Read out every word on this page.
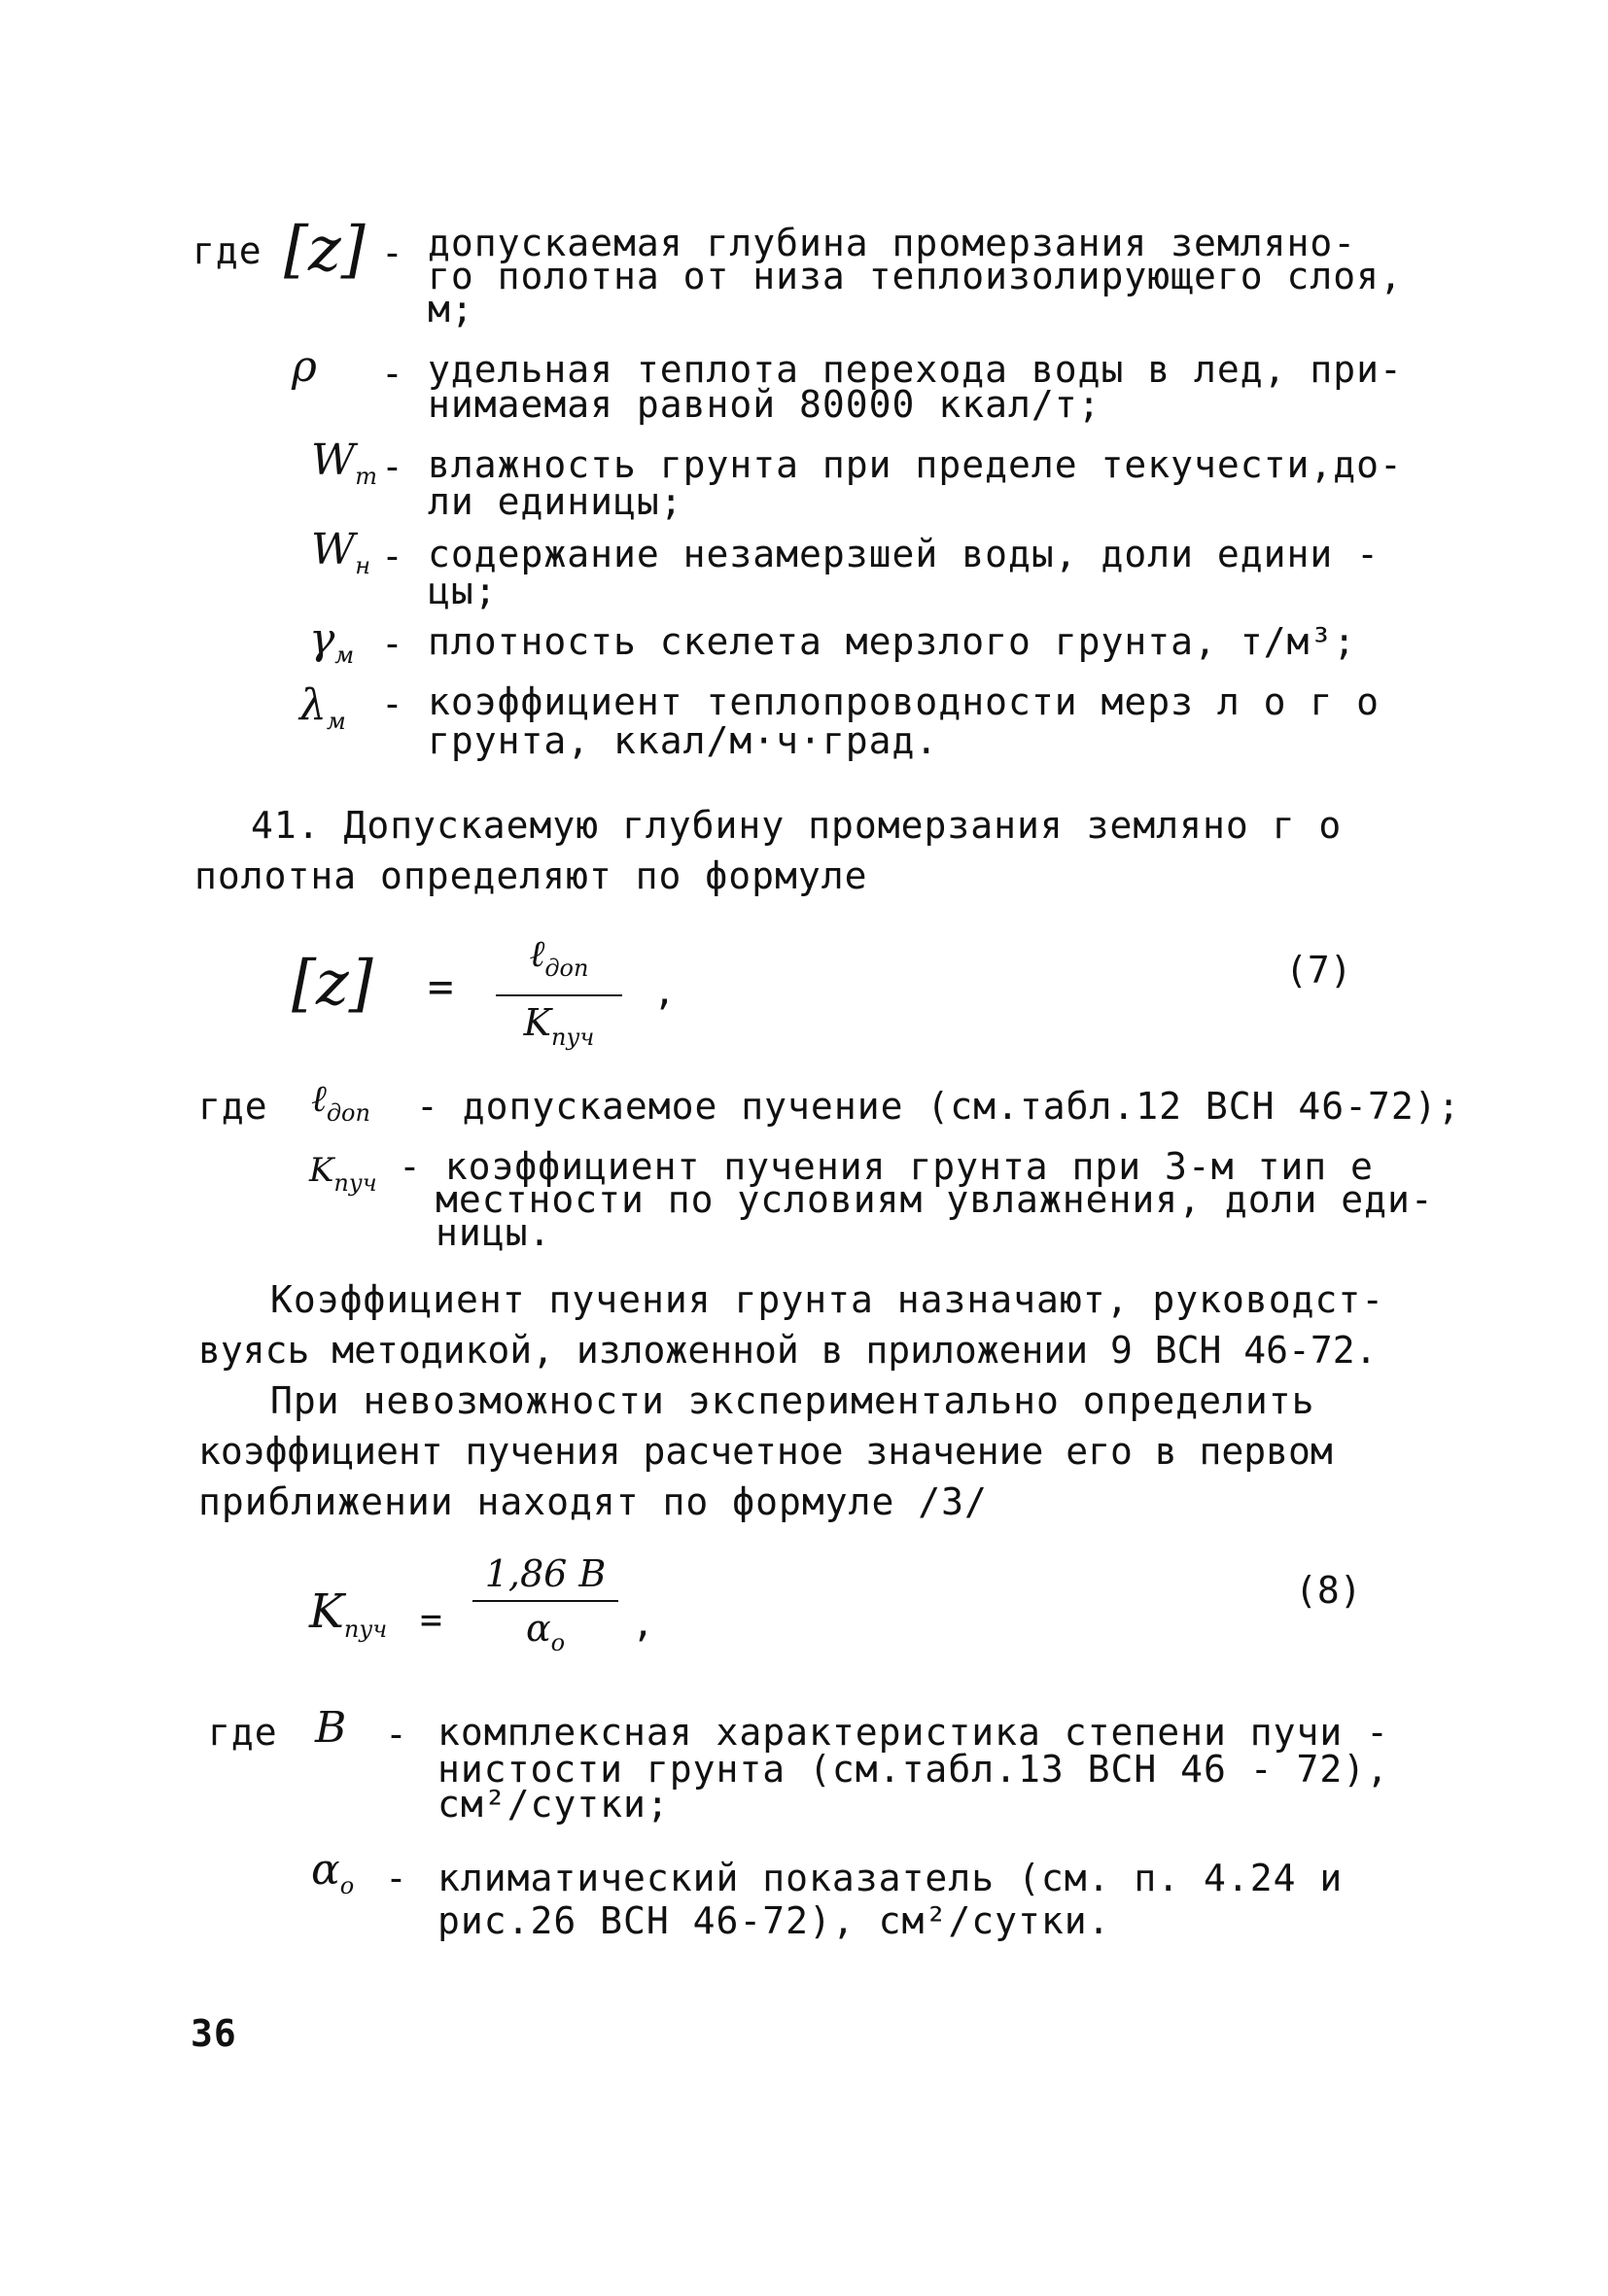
где [z] - допускаемая глубина промерзания земляно-
го полотна от низа теплоизолирующего слоя,
м;
ρ - удельная теплота перехода воды в лед, при-
нимаемая равной 80000 ккал/т;
$W_т$ - влажность грунта при пределе текучести,до-
ли единицы;
$W_н$ - содержание незамерзшей воды, доли едини -
цы;
$\gamma_м$ - плотность скелета мерзлого грунта, т/м³;
$\lambda_м$ - коэффициент теплопроводности мерз л о г о
грунта, ккал/м·ч·град.
41. Допускаемую глубину промерзания земляно г о
полотна определяют по формуле
[z] =
ℓ$_{доп}$
$K_{пуч}$
,	(7)
где ℓ$_{доп}$ - допускаемое пучение (см.табл.12 ВСН 46-72);
$K_{пуч}$ - коэффициент пучения грунта при 3-м тип е
местности по условиям увлажнения, доли еди-
ницы.
Коэффициент пучения грунта назначают, руководст-
вуясь методикой, изложенной в приложении 9 ВСН 46-72.
При невозможности экспериментально определить
коэффициент пучения расчетное значение его в первом
приближении находят по формуле /3/
$K_{пуч}$ =
1,86 B
$\alpha_o$	,
(8)
где B - комплексная характеристика степени пучи -
нистости грунта (см.табл.13 ВСН 46 - 72),
см²/сутки;
$\alpha_o$ - климатический показатель (см. п. 4.24 и
рис.26 ВСН 46-72), см²/сутки.
36
